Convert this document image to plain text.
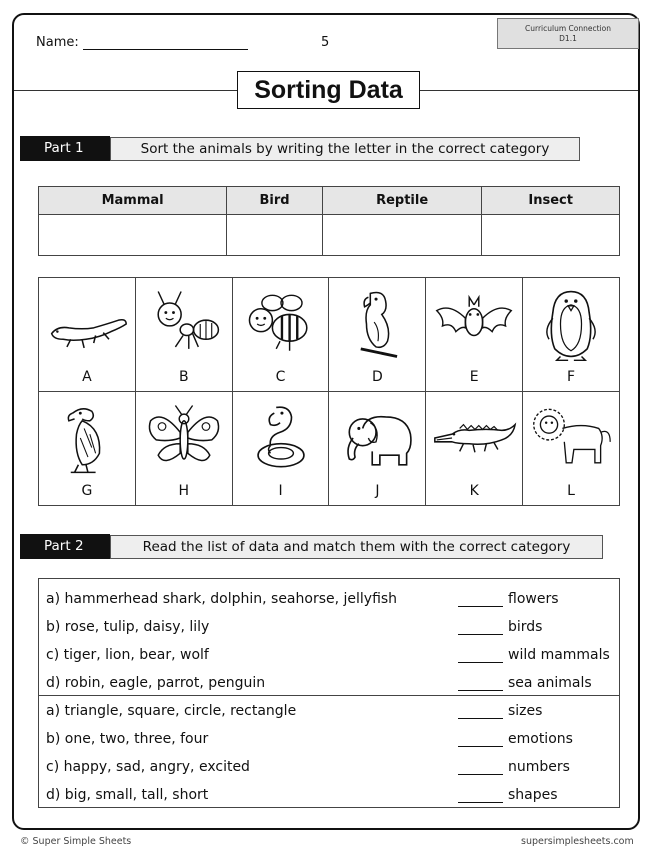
Name:	5
Curriculum Connection
D1.1
Sorting Data
Part 1	Sort the animals by writing the letter in the correct category
Mammal	Bird	Reptile	Insect

A	B	C	D	E	F

G	H	I	J	K	L
Part 2	Read the list of data and match them with the correct category
a) hammerhead shark, dolphin, seahorse, jellyfish	flowers
b) rose, tulip, daisy, lily	birds
c) tiger, lion, bear, wolf	wild mammals
d) robin, eagle, parrot, penguin	sea animals
a) triangle, square, circle, rectangle	sizes
b) one, two, three, four	emotions
c) happy, sad, angry, excited	numbers
d) big, small, tall, short	shapes
© Super Simple Sheets	supersimplesheets.com
